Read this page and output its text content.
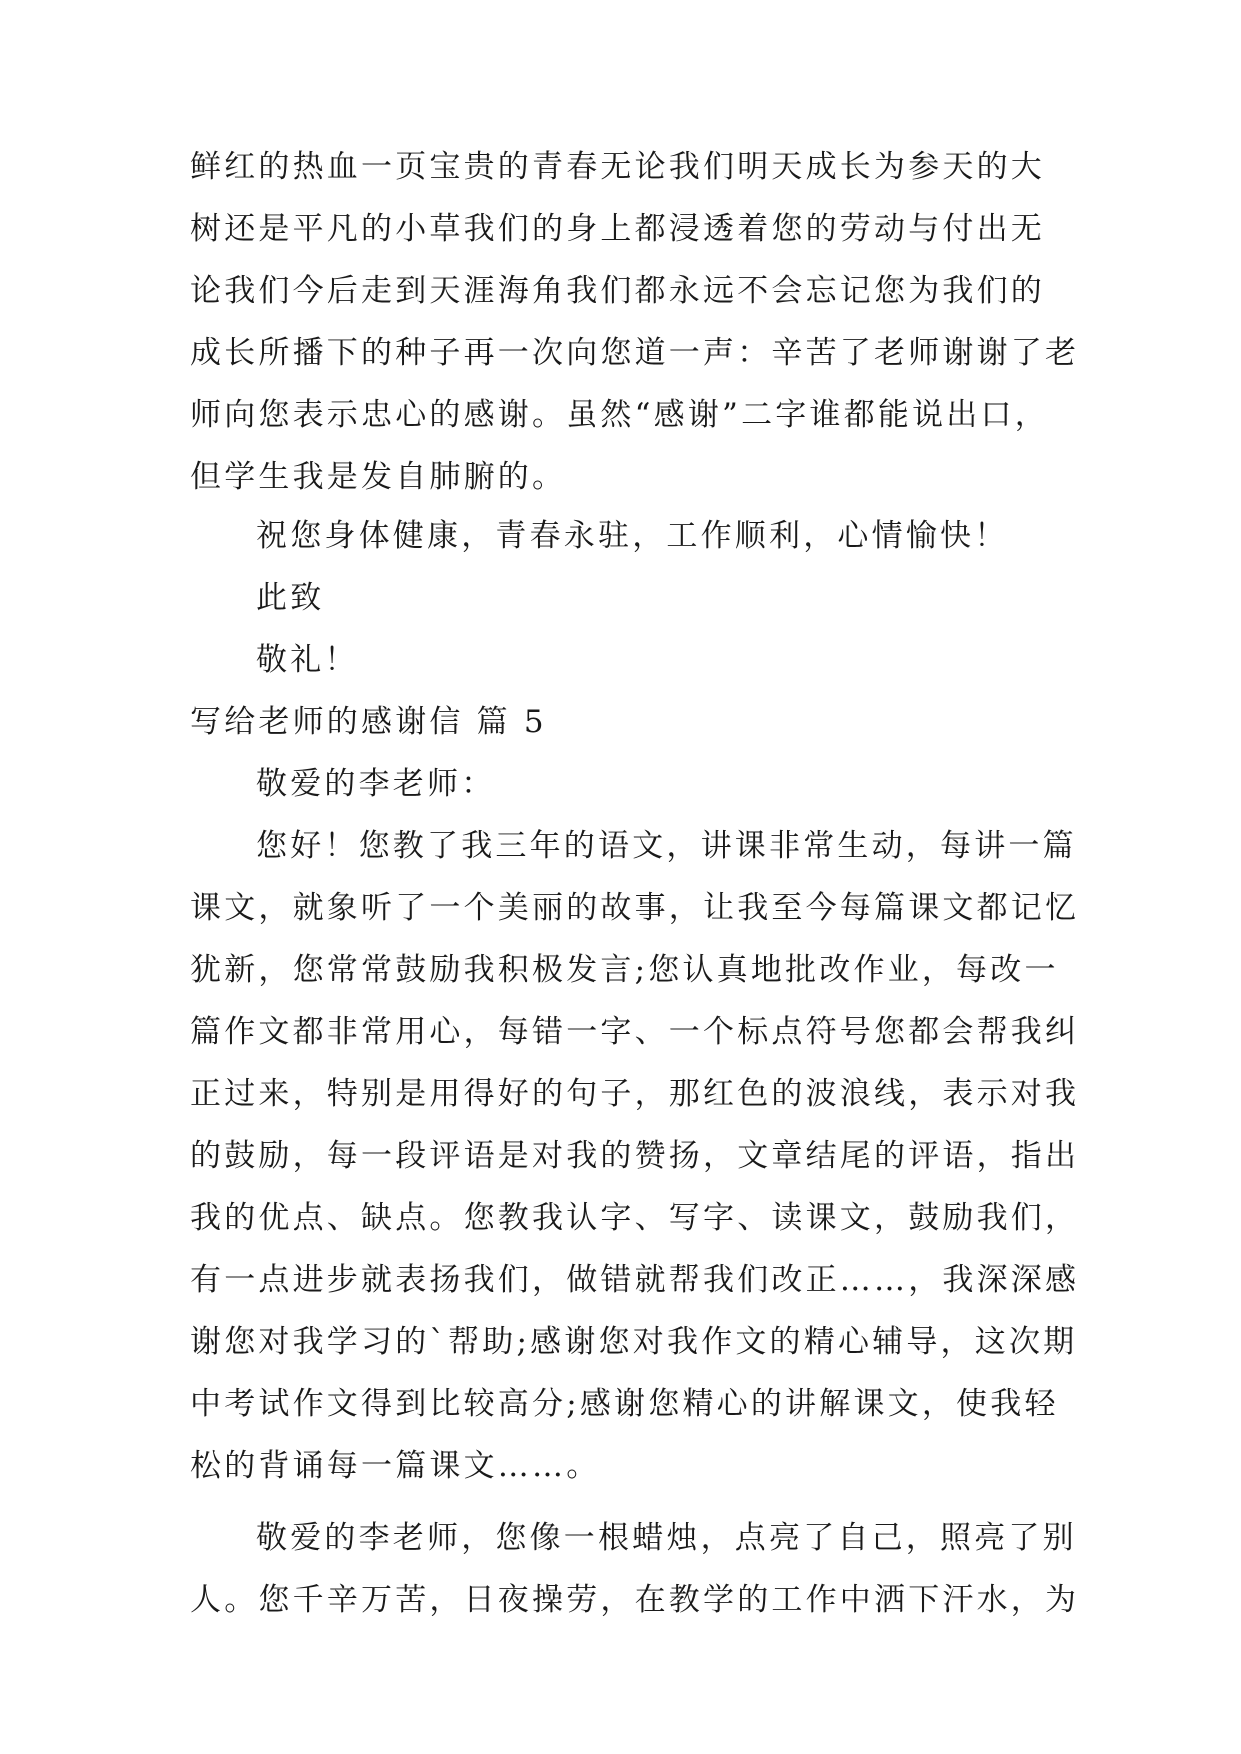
鲜红的热血一页宝贵的青春无论我们明天成长为参天的大
树还是平凡的小草我们的身上都浸透着您的劳动与付出无
论我们今后走到天涯海角我们都永远不会忘记您为我们的
成长所播下的种子再一次向您道一声：辛苦了老师谢谢了老
师向您表示忠心的感谢。虽然“感谢”二字谁都能说出口，
但学生我是发自肺腑的。
祝您身体健康，青春永驻，工作顺利，心情愉快！
此致
敬礼！
写给老师的感谢信 篇 5
敬爱的李老师：
您好！您教了我三年的语文，讲课非常生动，每讲一篇
课文，就象听了一个美丽的故事，让我至今每篇课文都记忆
犹新，您常常鼓励我积极发言;您认真地批改作业，每改一
篇作文都非常用心，每错一字、一个标点符号您都会帮我纠
正过来，特别是用得好的句子，那红色的波浪线，表示对我
的鼓励，每一段评语是对我的赞扬，文章结尾的评语，指出
我的优点、缺点。您教我认字、写字、读课文，鼓励我们，
有一点进步就表扬我们，做错就帮我们改正……，我深深感
谢您对我学习的`帮助;感谢您对我作文的精心辅导，这次期
中考试作文得到比较高分;感谢您精心的讲解课文，使我轻
松的背诵每一篇课文……。
敬爱的李老师，您像一根蜡烛，点亮了自己，照亮了别
人。您千辛万苦，日夜操劳，在教学的工作中洒下汗水，为
